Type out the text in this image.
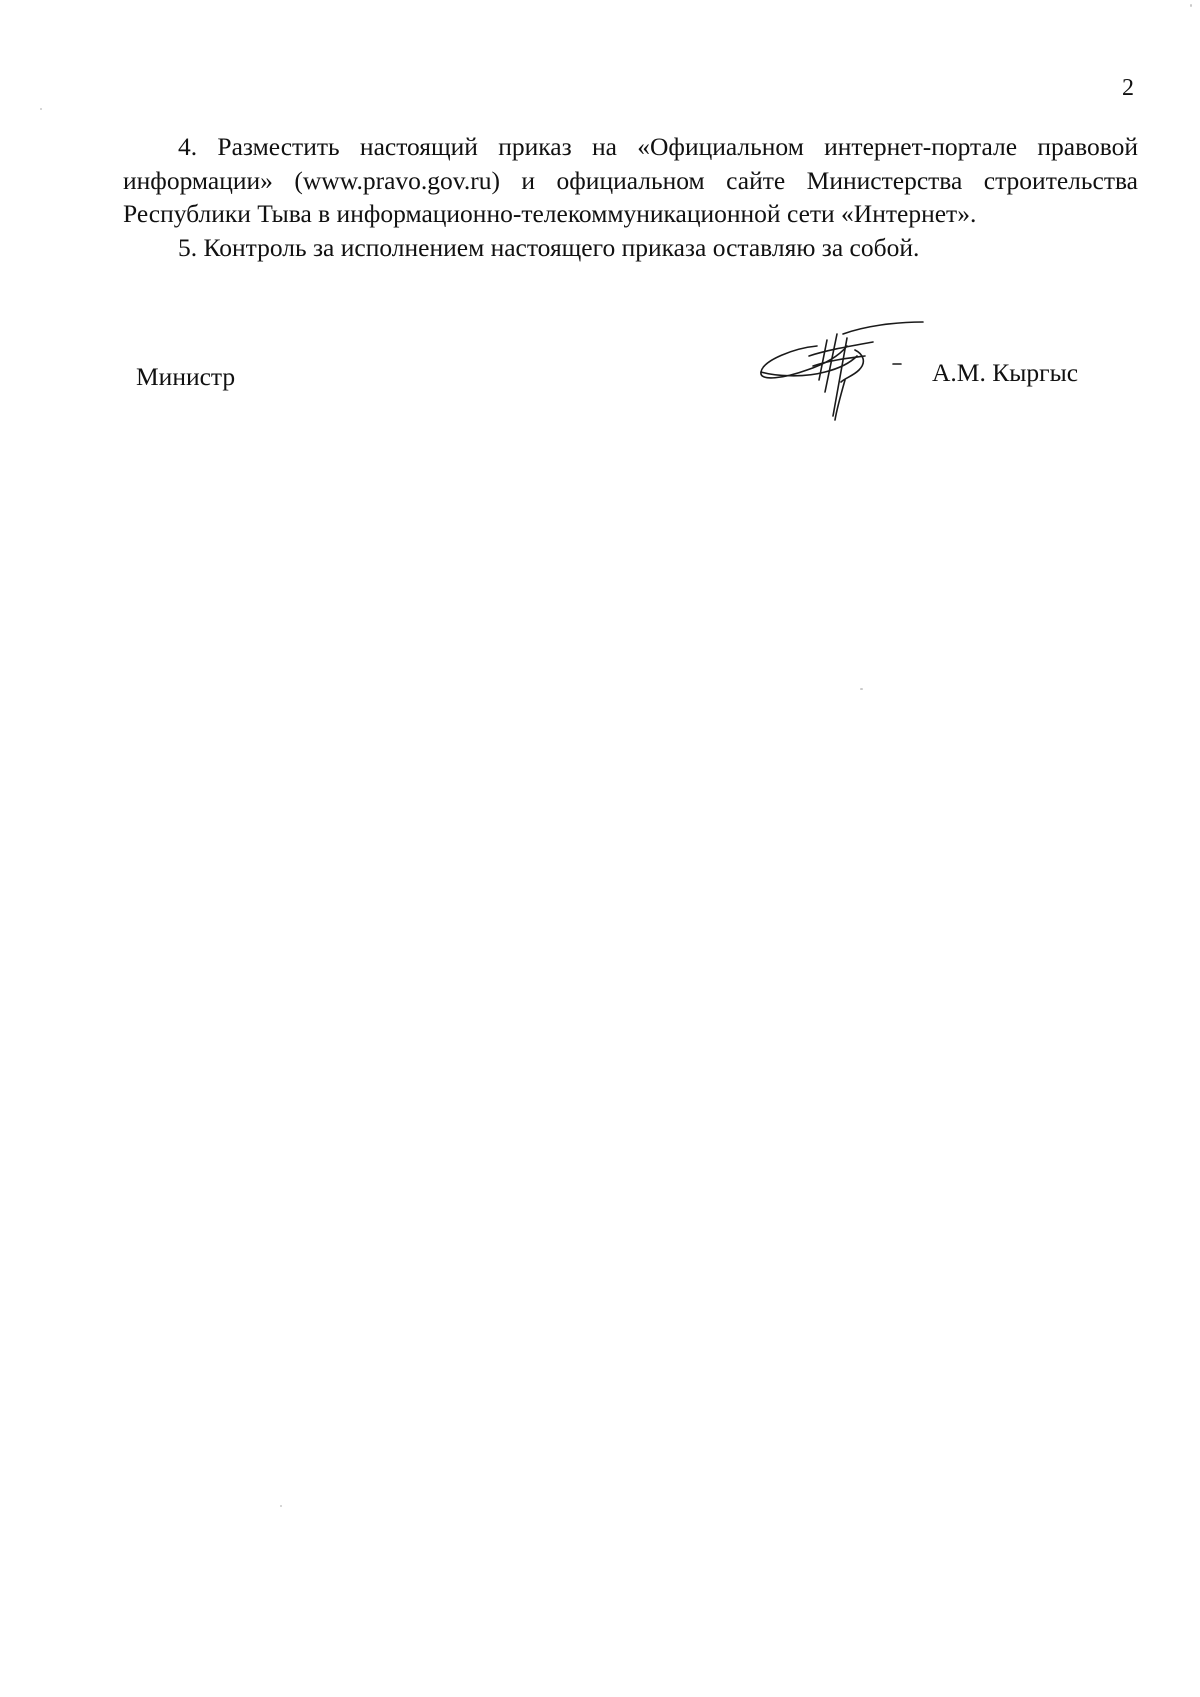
2

4. Разместить настоящий приказ на «Официальном интернет-портале правовой информации» (www.pravo.gov.ru) и официальном сайте Министерства строительства Республики Тыва в информационно-телекоммуникационной сети «Интернет».

5. Контроль за исполнением настоящего приказа оставляю за собой.

Министр	А.М. Кыргыс
